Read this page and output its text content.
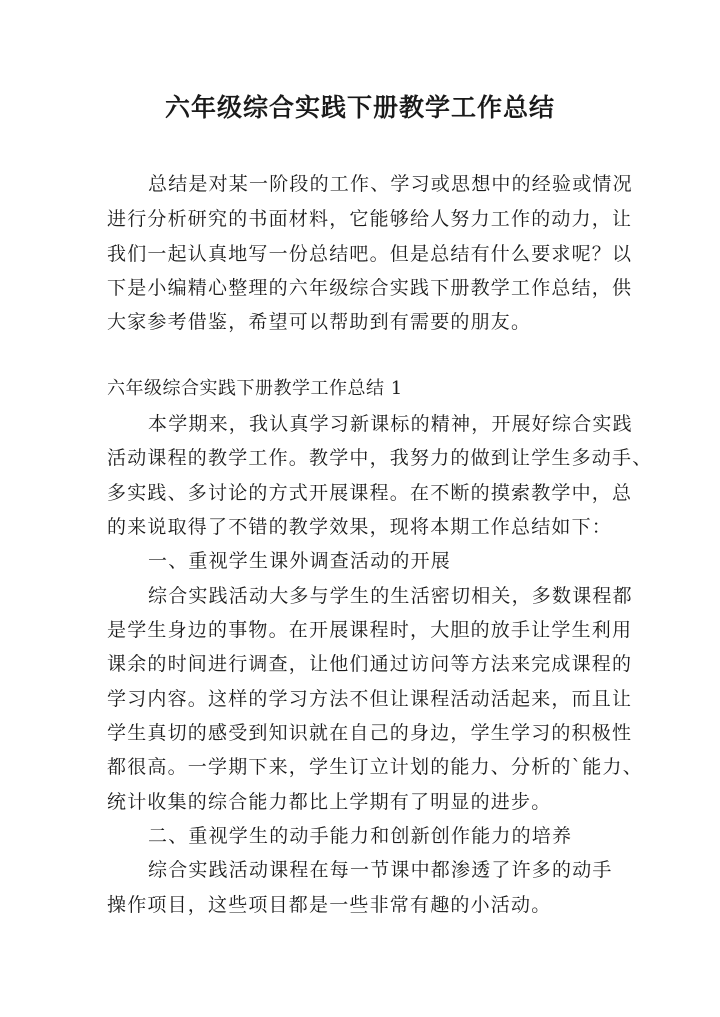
六年级综合实践下册教学工作总结
总结是对某一阶段的工作、学习或思想中的经验或情况
进行分析研究的书面材料，它能够给人努力工作的动力，让
我们一起认真地写一份总结吧。但是总结有什么要求呢？以
下是小编精心整理的六年级综合实践下册教学工作总结，供
大家参考借鉴，希望可以帮助到有需要的朋友。
六年级综合实践下册教学工作总结 1
本学期来，我认真学习新课标的精神，开展好综合实践
活动课程的教学工作。教学中，我努力的做到让学生多动手、
多实践、多讨论的方式开展课程。在不断的摸索教学中，总
的来说取得了不错的教学效果，现将本期工作总结如下：
一、重视学生课外调查活动的开展
综合实践活动大多与学生的生活密切相关，多数课程都
是学生身边的事物。在开展课程时，大胆的放手让学生利用
课余的时间进行调查，让他们通过访问等方法来完成课程的
学习内容。这样的学习方法不但让课程活动活起来，而且让
学生真切的感受到知识就在自己的身边，学生学习的积极性
都很高。一学期下来，学生订立计划的能力、分析的`能力、
统计收集的综合能力都比上学期有了明显的进步。
二、重视学生的动手能力和创新创作能力的培养
综合实践活动课程在每一节课中都渗透了许多的动手
操作项目，这些项目都是一些非常有趣的小活动。
